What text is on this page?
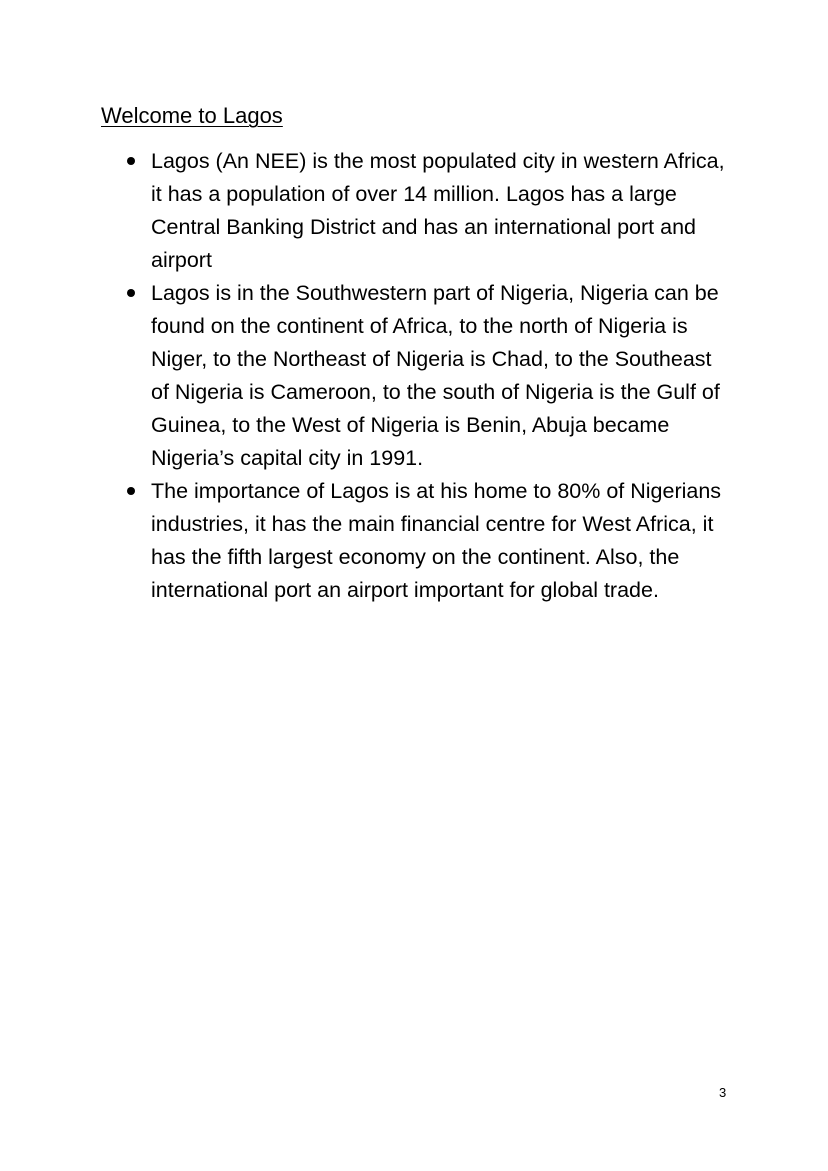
Welcome to Lagos
Lagos (An NEE) is the most populated city in western Africa, it has a population of over 14 million. Lagos has a large Central Banking District and has an international port and airport
Lagos is in the Southwestern part of Nigeria, Nigeria can be found on the continent of Africa, to the north of Nigeria is Niger, to the Northeast of Nigeria is Chad, to the Southeast of Nigeria is Cameroon, to the south of Nigeria is the Gulf of Guinea, to the West of Nigeria is Benin, Abuja became Nigeria’s capital city in 1991.
The importance of Lagos is at his home to 80% of Nigerians industries, it has the main financial centre for West Africa, it has the fifth largest economy on the continent. Also, the international port an airport important for global trade.
3
